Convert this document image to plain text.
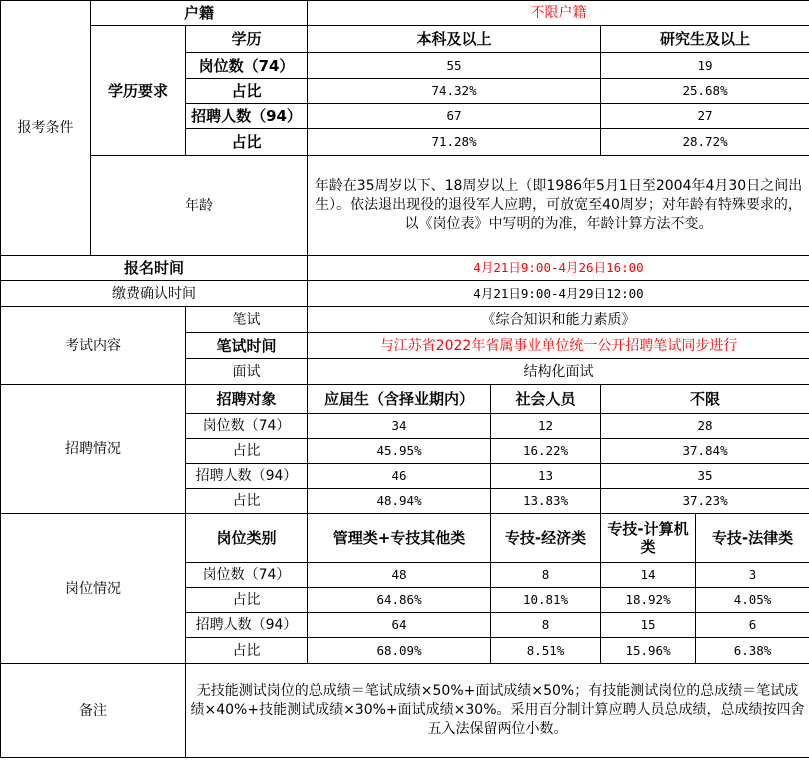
报考条件	户籍		不限户籍				
	学历要求	学历	本科及以上		研究生及以上		
		岗位数（74）	55		19		
		占比	74.32%		25.68%		
		招聘人数（94）	67		27		
		占比	71.28%		28.72%		
	年龄		年龄在35周岁以下、18周岁以上（即1986年5月1日至2004年4月30日之间出生）。依法退出现役的退役军人应聘，可放宽至40周岁；对年龄有特殊要求的，以《岗位表》中写明的为准，年龄计算方法不变。				

报名时间			4月21日9:00-4月26日16:00				
缴费确认时间			4月21日9:00-4月29日12:00				
考试内容		笔试	《综合知识和能力素质》				
		笔试时间	与江苏省2022年省属事业单位统一公开招聘笔试同步进行				
		面试	结构化面试				
招聘情况		招聘对象	应届生（含择业期内）	社会人员	不限		
		岗位数（74）	34	12	28		
		占比	45.95%	16.22%	37.84%		
		招聘人数（94）	46	13	35		
		占比	48.94%	13.83%	37.23%		
岗位情况		岗位类别	管理类+专技其他类	专技-经济类	专技-计算机类	专技-法律类	
		岗位数（74）	48	8	14	3	
		占比	64.86%	10.81%	18.92%	4.05%	
		招聘人数（94）	64	8	15	6	
		占比	68.09%	8.51%	15.96%	6.38%	
备注		无技能测试岗位的总成绩＝笔试成绩×50%+面试成绩×50%；有技能测试岗位的总成绩＝笔试成绩×40%+技能测试成绩×30%+面试成绩×30%。采用百分制计算应聘人员总成绩，总成绩按四舍五入法保留两位小数。					
